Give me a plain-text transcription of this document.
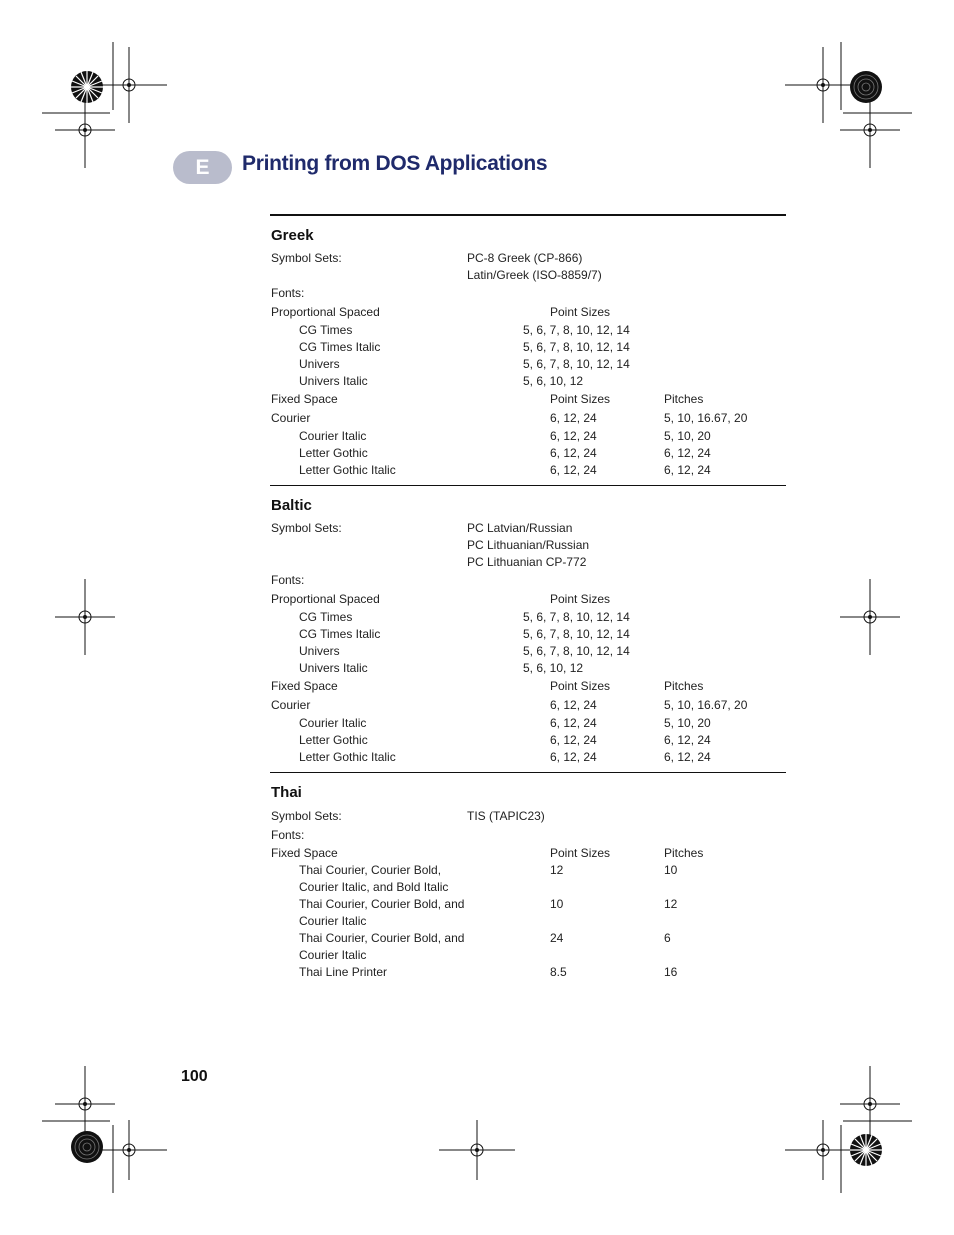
E	Printing from DOS Applications
Greek
Symbol Sets:	PC-8 Greek (CP-866)
Latin/Greek (ISO-8859/7)
Fonts:
Proportional Spaced	Point Sizes
CG Times	5, 6, 7, 8, 10, 12, 14
CG Times Italic	5, 6, 7, 8, 10, 12, 14
Univers	5, 6, 7, 8, 10, 12, 14
Univers Italic	5, 6, 10, 12
Fixed Space	Point Sizes	Pitches
Courier	6, 12, 24	5, 10, 16.67, 20
Courier Italic	6, 12, 24	5, 10, 20
Letter Gothic	6, 12, 24	6, 12, 24
Letter Gothic Italic	6, 12, 24	6, 12, 24
Baltic
Symbol Sets:	PC Latvian/Russian
PC Lithuanian/Russian
PC Lithuanian CP-772
Fonts:
Proportional Spaced	Point Sizes
CG Times	5, 6, 7, 8, 10, 12, 14
CG Times Italic	5, 6, 7, 8, 10, 12, 14
Univers	5, 6, 7, 8, 10, 12, 14
Univers Italic	5, 6, 10, 12
Fixed Space	Point Sizes	Pitches
Courier	6, 12, 24	5, 10, 16.67, 20
Courier Italic	6, 12, 24	5, 10, 20
Letter Gothic	6, 12, 24	6, 12, 24
Letter Gothic Italic	6, 12, 24	6, 12, 24
Thai
Symbol Sets:	TIS (TAPIC23)
Fonts:
Fixed Space	Point Sizes	Pitches
Thai Courier, Courier Bold,	12	10
Courier Italic, and Bold Italic
Thai Courier, Courier Bold, and	10	12
Courier Italic
Thai Courier, Courier Bold, and	24	6
Courier Italic
Thai Line Printer	8.5	16
100
